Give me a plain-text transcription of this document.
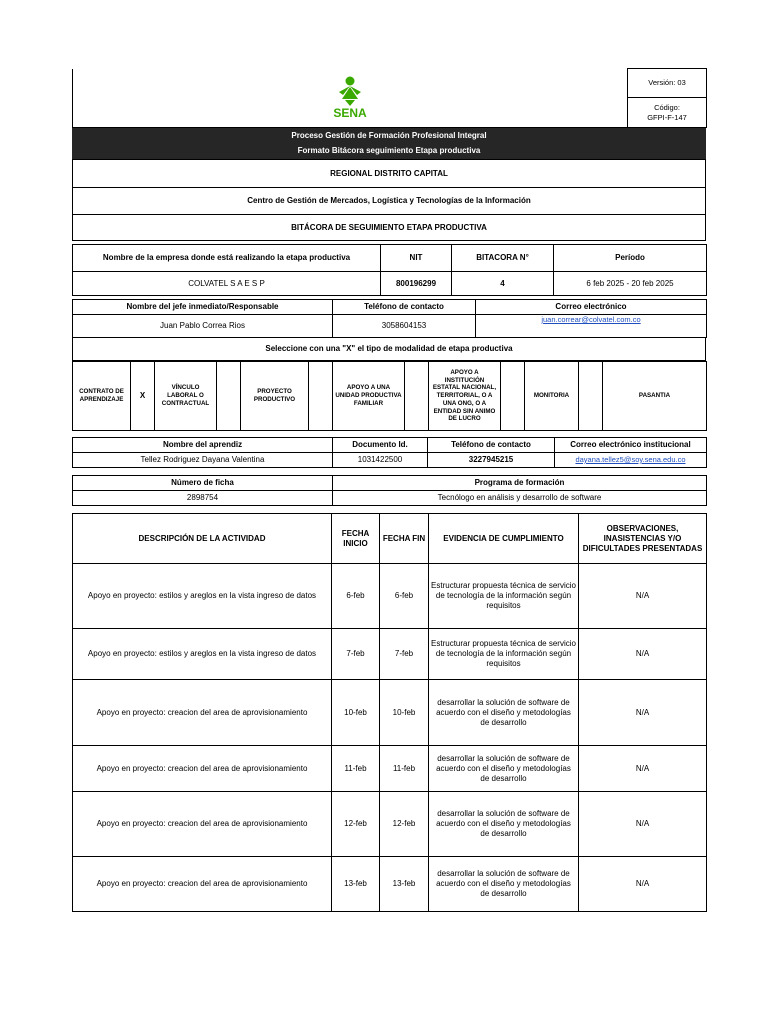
SENA
	Versión: 03

Código:
GFPI-F-147
Proceso Gestión de Formación Profesional Integral
Formato Bitácora seguimiento Etapa productiva
REGIONAL DISTRITO CAPITAL
Centro de Gestión de Mercados, Logística y Tecnologías de la Información
BITÁCORA DE SEGUIMIENTO ETAPA PRODUCTIVA
Nombre de la empresa donde está realizando la etapa productiva	NIT	BITACORA N°	Período
COLVATEL S A E S P	800196299	4	6 feb 2025 - 20 feb 2025
Nombre del jefe inmediato/Responsable	Teléfono de contacto	Correo electrónico
Juan Pablo Correa Rios	3058604153	juan.correar@colvatel.com.co
Seleccione con una "X" el tipo de modalidad de etapa productiva
CONTRATO DE APRENDIZAJE	X	VÍNCULO LABORAL O CONTRACTUAL		PROYECTO PRODUCTIVO		APOYO A UNA UNIDAD PRODUCTIVA FAMILIAR		APOYO A INSTITUCIÓN ESTATAL NACIONAL, TERRITORIAL, O A UNA ONG, O A ENTIDAD SIN ANIMO DE LUCRO		MONITORIA		PASANTIA
Nombre del aprendiz	Documento Id.	Teléfono de contacto	Correo electrónico institucional
Tellez Rodriguez Dayana Valentina	1031422500	3227945215	dayana.tellez5@soy.sena.edu.co
Número de ficha	Programa de formación
2898754	Tecnólogo en análisis y desarrollo de software
DESCRIPCIÓN DE LA ACTIVIDAD	FECHA INICIO	FECHA FIN	EVIDENCIA DE CUMPLIMIENTO	OBSERVACIONES, INASISTENCIAS Y/O DIFICULTADES PRESENTADAS
Apoyo en proyecto: estilos y areglos en la vista ingreso de datos	6-feb	6-feb	Estructurar propuesta técnica de servicio de tecnología de la información según requisitos	N/A
Apoyo en proyecto: estilos y areglos en la vista ingreso de datos	7-feb	7-feb	Estructurar propuesta técnica de servicio de tecnología de la información según requisitos	N/A
Apoyo en proyecto: creacion del area de aprovisionamiento	10-feb	10-feb	desarrollar la solución de software de acuerdo con el diseño y metodologías de desarrollo	N/A
Apoyo en proyecto: creacion del area de aprovisionamiento	11-feb	11-feb	desarrollar la solución de software de acuerdo con el diseño y metodologías de desarrollo	N/A
Apoyo en proyecto: creacion del area de aprovisionamiento	12-feb	12-feb	desarrollar la solución de software de acuerdo con el diseño y metodologías de desarrollo	N/A
Apoyo en proyecto: creacion del area de aprovisionamiento	13-feb	13-feb	desarrollar la solución de software de acuerdo con el diseño y metodologías de desarrollo	N/A
